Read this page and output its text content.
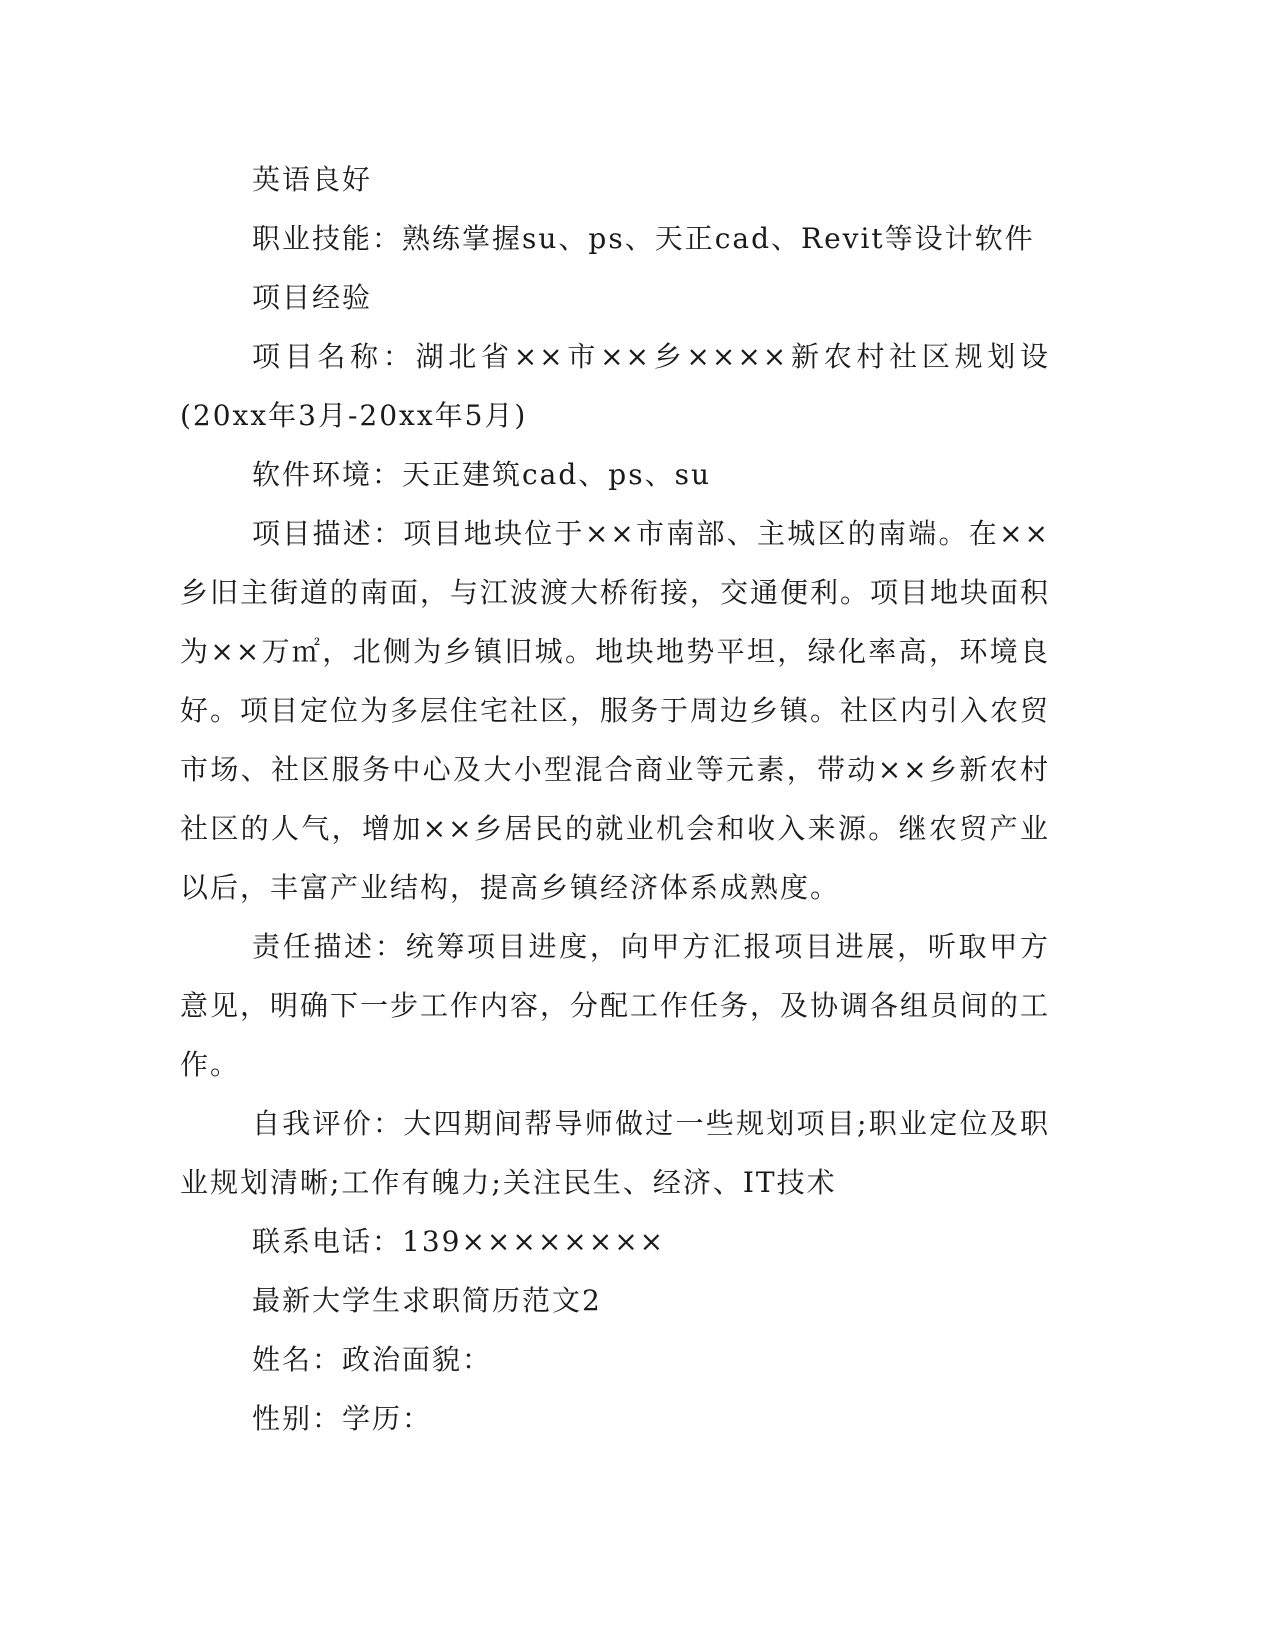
英语良好

职业技能：熟练掌握su、ps、天正cad、Revit等设计软件

项目经验

项目名称：湖北省××市××乡××××新农村社区规划设(20xx年3月-20xx年5月)

软件环境：天正建筑cad、ps、su

项目描述：项目地块位于××市南部、主城区的南端。在××乡旧主街道的南面，与江波渡大桥衔接，交通便利。项目地块面积为××万㎡，北侧为乡镇旧城。地块地势平坦，绿化率高，环境良好。项目定位为多层住宅社区，服务于周边乡镇。社区内引入农贸市场、社区服务中心及大小型混合商业等元素，带动××乡新农村社区的人气，增加××乡居民的就业机会和收入来源。继农贸产业以后，丰富产业结构，提高乡镇经济体系成熟度。

责任描述：统筹项目进度，向甲方汇报项目进展，听取甲方意见，明确下一步工作内容，分配工作任务，及协调各组员间的工作。

自我评价：大四期间帮导师做过一些规划项目;职业定位及职业规划清晰;工作有魄力;关注民生、经济、IT技术

联系电话：139××××××××

最新大学生求职简历范文2

姓名：政治面貌：

性别：学历：
